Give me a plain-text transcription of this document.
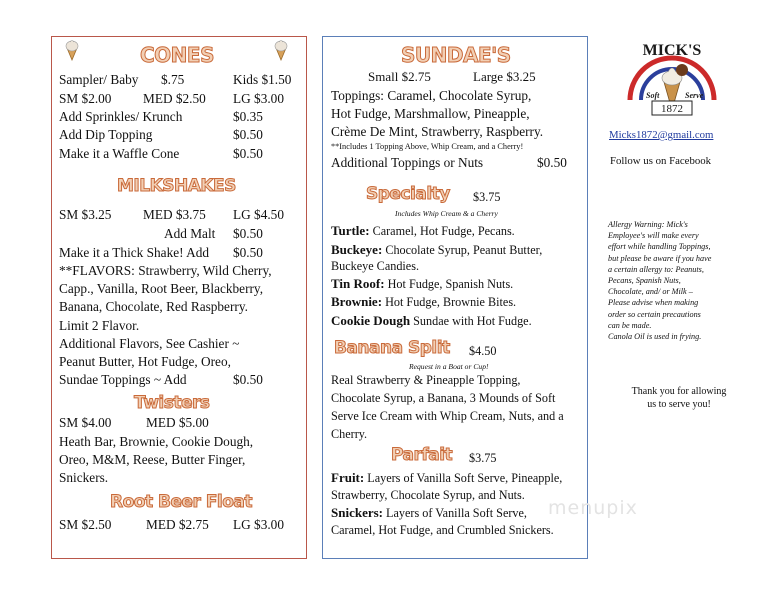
CONES
Sampler/ Baby $.75	Kids $1.50
SM $2.00 MED $2.50 LG $3.00
Add Sprinkles/ Krunch	$0.35
Add Dip Topping	$0.50
Make it a Waffle Cone	$0.50
MILKSHAKES
SM $3.25 MED $3.75 LG $4.50
Add Malt $0.50
Make it a Thick Shake! Add $0.50
**FLAVORS: Strawberry, Wild Cherry,
Capp., Vanilla, Root Beer, Blackberry,
Banana, Chocolate, Red Raspberry.
Limit 2 Flavor.
Additional Flavors, See Cashier ~
Peanut Butter, Hot Fudge, Oreo,
Sundae Toppings ~ Add	$0.50
Twisters
SM $4.00	MED $5.00
Heath Bar, Brownie, Cookie Dough,
Oreo, M&M, Reese, Butter Finger,
Snickers.
Root Beer Float
SM $2.50	MED $2.75 LG $3.00
SUNDAE'S
Small $2.75	Large $3.25
Toppings: Caramel, Chocolate Syrup,
Hot Fudge, Marshmallow, Pineapple,
Crème De Mint, Strawberry, Raspberry.
**Includes 1 Topping Above, Whip Cream, and a Cherry!
Additional Toppings or Nuts	$0.50
Specialty $3.75
Includes Whip Cream & a Cherry
Turtle: Caramel, Hot Fudge, Pecans.
Buckeye: Chocolate Syrup, Peanut Butter,
Buckeye Candies.
Tin Roof: Hot Fudge, Spanish Nuts.
Brownie: Hot Fudge, Brownie Bites.
Cookie Dough Sundae with Hot Fudge.
Banana Split $4.50
Request in a Boat or Cup!
Real Strawberry & Pineapple Topping,
Chocolate Syrup, a Banana, 3 Mounds of Soft
Serve Ice Cream with Whip Cream, Nuts, and a
Cherry.
Parfait $3.75
Fruit: Layers of Vanilla Soft Serve, Pineapple,
Strawberry, Chocolate Syrup, and Nuts.
Snickers: Layers of Vanilla Soft Serve,
Caramel, Hot Fudge, and Crumbled Snickers.
MICK'S
Soft	Serve
1872
Micks1872@gmail.com
Follow us on Facebook
Allergy Warning: Mick's
Employee's will make every
effort while handling Toppings,
but please be aware if you have
a certain allergy to: Peanuts,
Pecans, Spanish Nuts,
Chocolate, and/ or Milk –
Please advise when making
order so certain precautions
can be made.
Canola Oil is used in frying.
Thank you for allowing
us to serve you!
menupix
